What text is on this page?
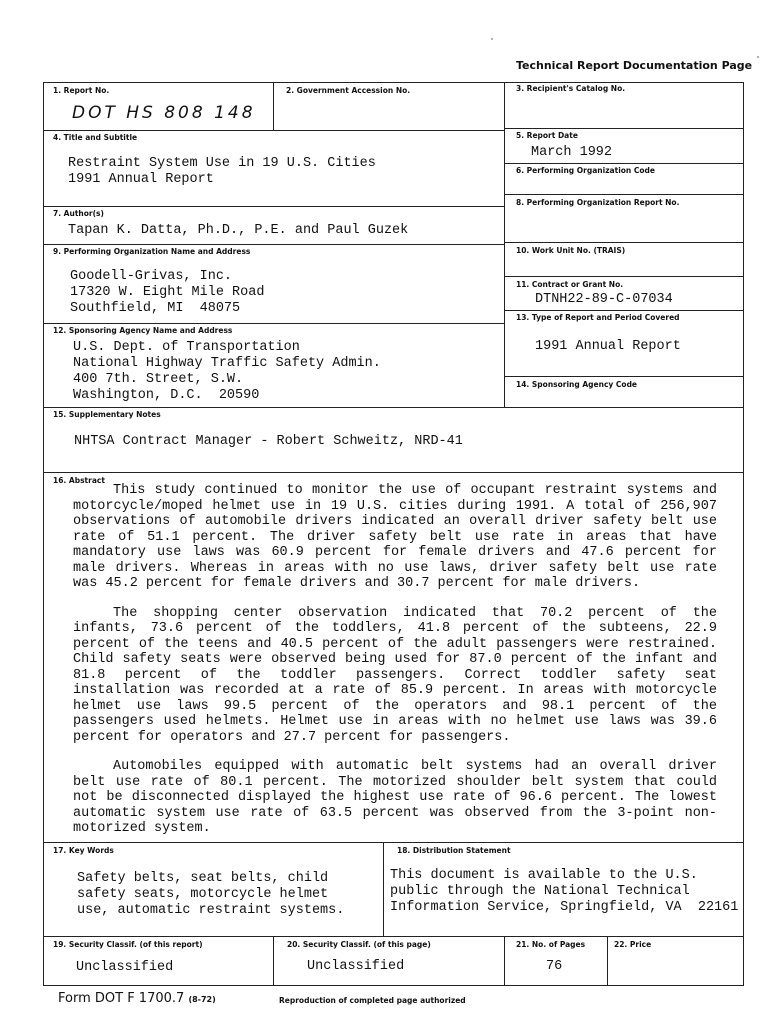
Technical Report Documentation Page
1. Report No.
DOT HS 808 148
2. Government Accession No.	3. Recipient's Catalog No.
4. Title and Subtitle
Restraint System Use in 19 U.S. Cities
1991 Annual Report
5. Report Date
March 1992
6. Performing Organization Code
7. Author(s)
Tapan K. Datta, Ph.D., P.E. and Paul Guzek
8. Performing Organization Report No.
9. Performing Organization Name and Address
Goodell-Grivas, Inc.
17320 W. Eight Mile Road
Southfield, MI  48075
10. Work Unit No. (TRAIS)
11. Contract or Grant No.
DTNH22-89-C-07034
12. Sponsoring Agency Name and Address
U.S. Dept. of Transportation
National Highway Traffic Safety Admin.
400 7th. Street, S.W.
Washington, D.C.  20590
13. Type of Report and Period Covered
1991 Annual Report
14. Sponsoring Agency Code
15. Supplementary Notes
NHTSA Contract Manager - Robert Schweitz, NRD-41
16. Abstract

This study continued to monitor the use of occupant restraint systems and motorcycle/moped helmet use in 19 U.S. cities during 1991. A total of 256,907 observations of automobile drivers indicated an overall driver safety belt use rate of 51.1 percent. The driver safety belt use rate in areas that have mandatory use laws was 60.9 percent for female drivers and 47.6 percent for male drivers. Whereas in areas with no use laws, driver safety belt use rate was 45.2 percent for female drivers and 30.7 percent for male drivers.

The shopping center observation indicated that 70.2 percent of the infants, 73.6 percent of the toddlers, 41.8 percent of the subteens, 22.9 percent of the teens and 40.5 percent of the adult passengers were restrained. Child safety seats were observed being used for 87.0 percent of the infant and 81.8 percent of the toddler passengers. Correct toddler safety seat installation was recorded at a rate of 85.9 percent. In areas with motorcycle helmet use laws 99.5 percent of the operators and 98.1 percent of the passengers used helmets. Helmet use in areas with no helmet use laws was 39.6 percent for operators and 27.7 percent for passengers.

Automobiles equipped with automatic belt systems had an overall driver belt use rate of 80.1 percent. The motorized shoulder belt system that could not be disconnected displayed the highest use rate of 96.6 percent. The lowest automatic system use rate of 63.5 percent was observed from the 3-point non-motorized system.

17. Key Words
Safety belts, seat belts, child
safety seats, motorcycle helmet
use, automatic restraint systems.
18. Distribution Statement
This document is available to the U.S.
public through the National Technical
Information Service, Springfield, VA  22161
19. Security Classif. (of this report)
Unclassified
20. Security Classif. (of this page)
Unclassified
21. No. of Pages
76
22. Price
Form DOT F 1700.7 (8-72)	Reproduction of completed page authorized
